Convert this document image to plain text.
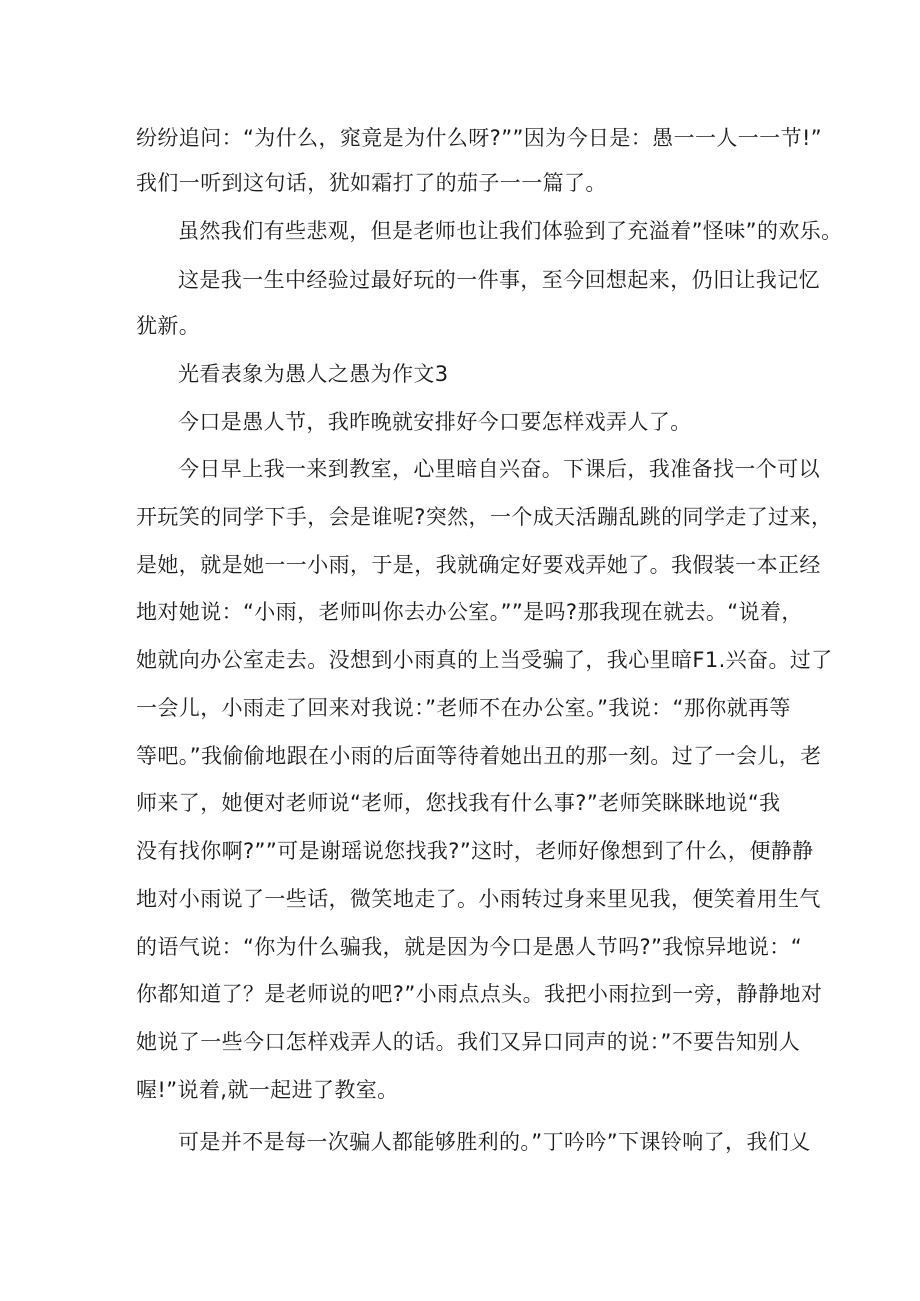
纷纷追问：“为什么，窕竟是为什么呀?””因为今日是：愚一一人一一节!”

我们一听到这句话，犹如霜打了的茄子一一篇了。

虽然我们有些悲观，但是老师也让我们体验到了充溢着”怪味”的欢乐。

这是我一生中经验过最好玩的一件事，至今回想起来，仍旧让我记忆

犹新。

光看表象为愚人之愚为作文3

今口是愚人节，我昨晚就安排好今口要怎样戏弄人了。

今日早上我一来到教室，心里暗自兴奋。下课后，我准备找一个可以

开玩笑的同学下手，会是谁呢?突然，一个成天活蹦乱跳的同学走了过来，

是她，就是她一一小雨，于是，我就确定好要戏弄她了。我假装一本正经

地对她说：“小雨，老师叫你去办公室。””是吗?那我现在就去。“说着，

她就向办公室走去。没想到小雨真的上当受骗了，我心里暗F1.兴奋。过了

一会儿，小雨走了回来对我说：”老师不在办公室。”我说：“那你就再等

等吧。”我偷偷地跟在小雨的后面等待着她出丑的那一刻。过了一会儿，老

师来了，她便对老师说“老师，您找我有什么事?”老师笑眯眯地说“我

没有找你啊?””可是谢瑶说您找我?”这时，老师好像想到了什么，便静静

地对小雨说了一些话，微笑地走了。小雨转过身来里见我，便笑着用生气

的语气说：“你为什么骗我，就是因为今口是愚人节吗?”我惊异地说：“

你都知道了？是老师说的吧?”小雨点点头。我把小雨拉到一旁，静静地对

她说了一些今口怎样戏弄人的话。我们又异口同声的说：”不要告知别人

喔!”说着,就一起进了教室。

可是并不是每一次骗人都能够胜利的。”丁吟吟”下课铃响了，我们乂
